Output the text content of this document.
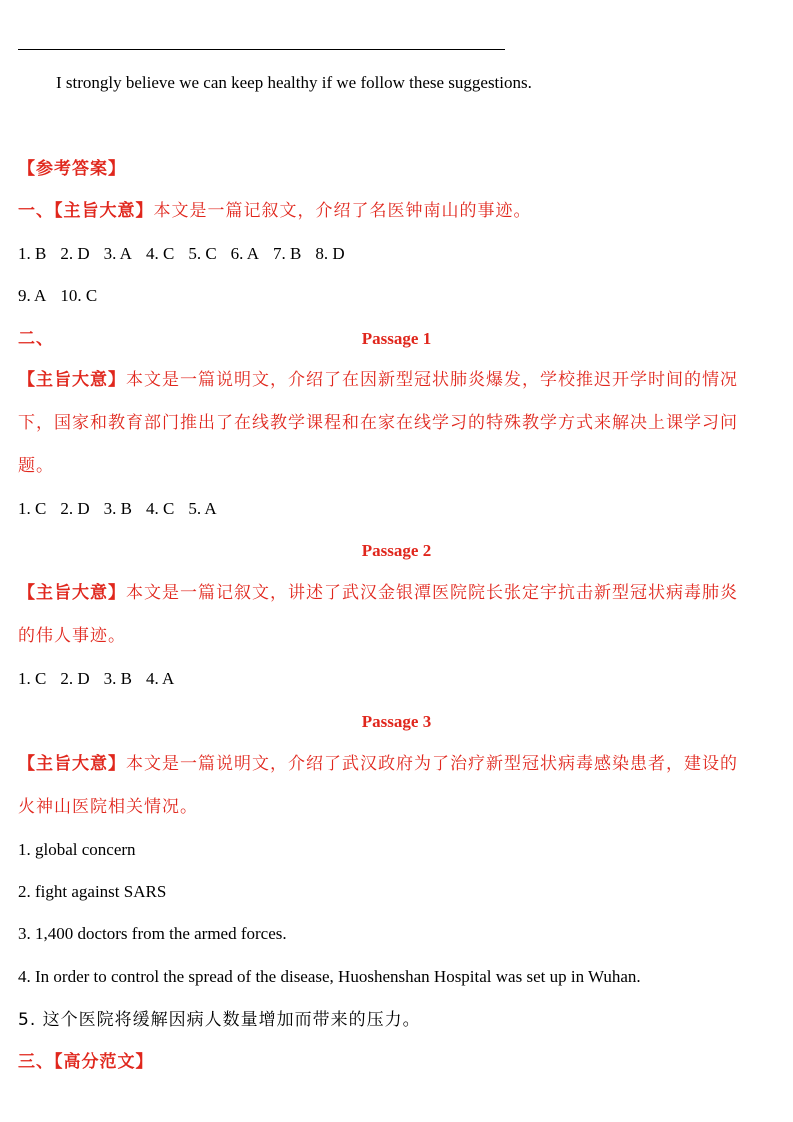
I strongly believe we can keep healthy if we follow these suggestions.
【参考答案】
一、【主旨大意】本文是一篇记叙文，介绍了名医钟南山的事迹。
1. B 2. D 3. A 4. C 5. C 6. A 7. B 8. D
9. A 10. C
二、	Passage 1
【主旨大意】本文是一篇说明文，介绍了在因新型冠状肺炎爆发，学校推迟开学时间的情况
下，国家和教育部门推出了在线教学课程和在家在线学习的特殊教学方式来解决上课学习问
题。
1. C 2. D 3. B 4. C 5. A
Passage 2
【主旨大意】本文是一篇记叙文，讲述了武汉金银潭医院院长张定宇抗击新型冠状病毒肺炎
的伟人事迹。
1. C 2. D 3. B 4. A
Passage 3
【主旨大意】本文是一篇说明文，介绍了武汉政府为了治疗新型冠状病毒感染患者，建设的
火神山医院相关情况。
1. global concern
2. fight against SARS
3. 1,400 doctors from the armed forces.
4. In order to control the spread of the disease, Huoshenshan Hospital was set up in Wuhan.
5. 这个医院将缓解因病人数量增加而带来的压力。
三、【高分范文】
